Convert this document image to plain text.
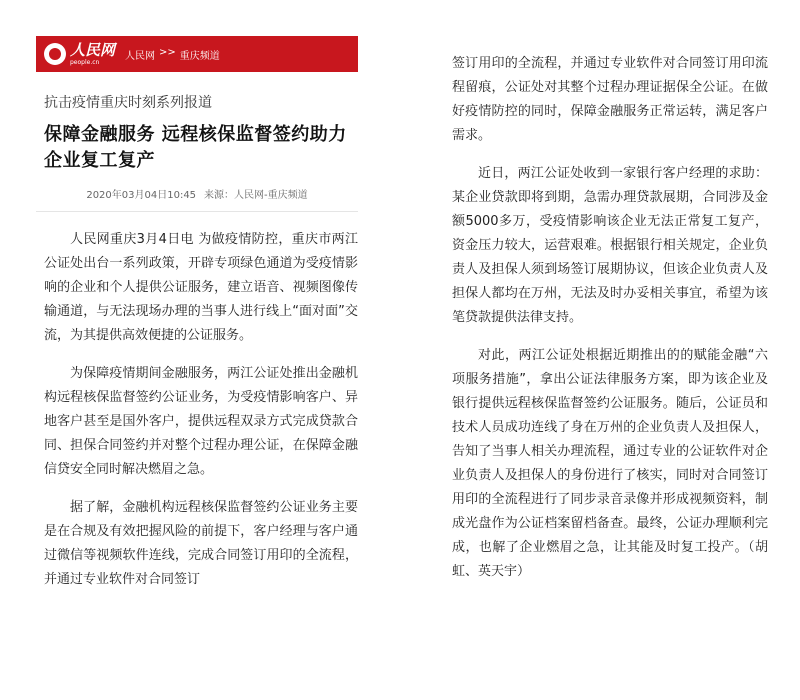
人民网
people.cn
人民网 >> 重庆频道
抗击疫情重庆时刻系列报道
保障金融服务 远程核保监督签约助力企业复工复产
2020年03月04日10:45 来源：人民网-重庆频道

人民网重庆3月4日电 为做疫情防控，重庆市两江公证处出台一系列政策，开辟专项绿色通道为受疫情影响的企业和个人提供公证服务，建立语音、视频图像传输通道，与无法现场办理的当事人进行线上“面对面”交流，为其提供高效便捷的公证服务。

为保障疫情期间金融服务，两江公证处推出金融机构远程核保监督签约公证业务，为受疫情影响客户、异地客户甚至是国外客户，提供远程双录方式完成贷款合同、担保合同签约并对整个过程办理公证，在保障金融信贷安全同时解决燃眉之急。

据了解，金融机构远程核保监督签约公证业务主要是在合规及有效把握风险的前提下，客户经理与客户通过微信等视频软件连线，完成合同签订用印的全流程，并通过专业软件对合同签订

签订用印的全流程，并通过专业软件对合同签订用印流程留痕，公证处对其整个过程办理证据保全公证。在做好疫情防控的同时，保障金融服务正常运转，满足客户需求。

近日，两江公证处收到一家银行客户经理的求助：某企业贷款即将到期，急需办理贷款展期，合同涉及金额5000多万，受疫情影响该企业无法正常复工复产，资金压力较大，运营艰难。根据银行相关规定，企业负责人及担保人须到场签订展期协议，但该企业负责人及担保人都均在万州，无法及时办妥相关事宜，希望为该笔贷款提供法律支持。

对此，两江公证处根据近期推出的的赋能金融“六项服务措施”，拿出公证法律服务方案，即为该企业及银行提供远程核保监督签约公证服务。随后，公证员和技术人员成功连线了身在万州的企业负责人及担保人，告知了当事人相关办理流程，通过专业的公证软件对企业负责人及担保人的身份进行了核实，同时对合同签订用印的全流程进行了同步录音录像并形成视频资料，制成光盘作为公证档案留档备查。最终，公证办理顺利完成，也解了企业燃眉之急，让其能及时复工投产。（胡虹、英天宇）
